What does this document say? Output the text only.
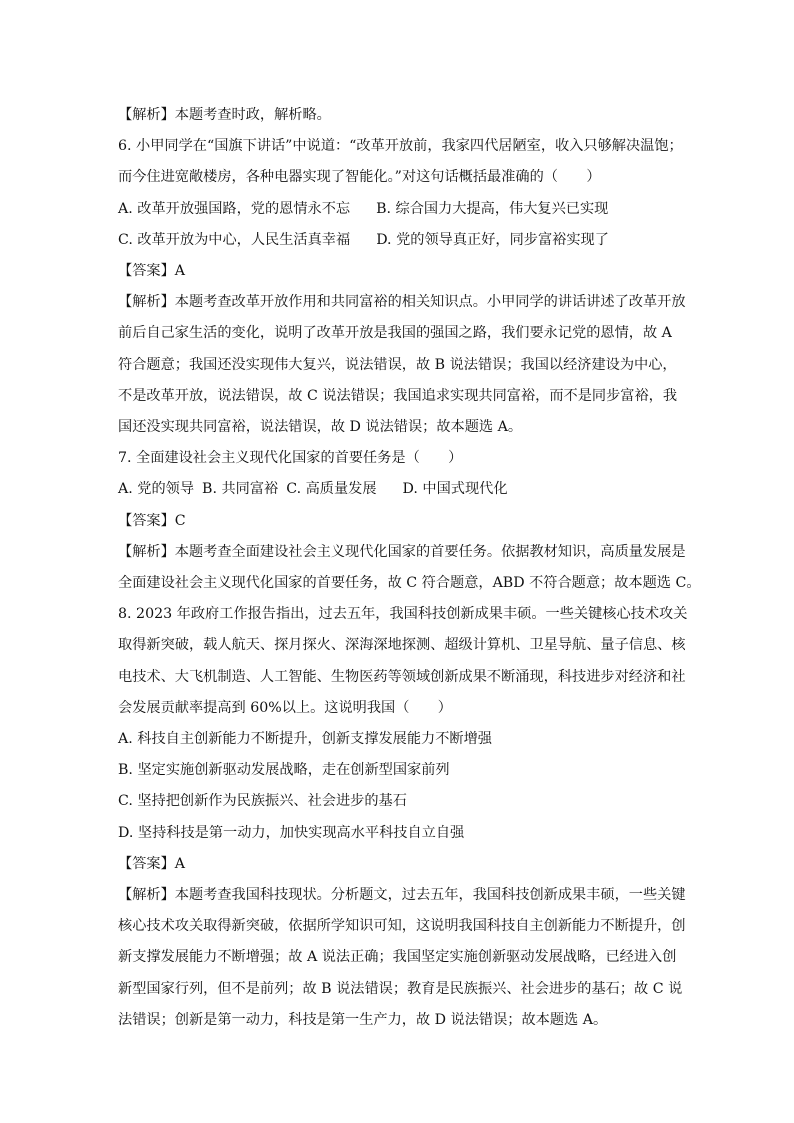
【解析】本题考查时政，解析略。
6. 小甲同学在“国旗下讲话”中说道：“改革开放前，我家四代居陋室，收入只够解决温饱；
而今住进宽敞楼房，各种电器实现了智能化。”对这句话概括最准确的（　　）
A. 改革开放强国路，党的恩情永不忘 B. 综合国力大提高，伟大复兴已实现
C. 改革开放为中心，人民生活真幸福 D. 党的领导真正好，同步富裕实现了
【答案】A
【解析】本题考查改革开放作用和共同富裕的相关知识点。小甲同学的讲话讲述了改革开放
前后自己家生活的变化，说明了改革开放是我国的强国之路，我们要永记党的恩情，故 A
符合题意；我国还没实现伟大复兴，说法错误，故 B 说法错误；我国以经济建设为中心，
不是改革开放，说法错误，故 C 说法错误；我国追求实现共同富裕，而不是同步富裕，我
国还没实现共同富裕，说法错误，故 D 说法错误；故本题选 A。
7. 全面建设社会主义现代化国家的首要任务是（　　）
A. 党的领导 B. 共同富裕 C. 高质量发展 D. 中国式现代化
【答案】C
【解析】本题考查全面建设社会主义现代化国家的首要任务。依据教材知识，高质量发展是
全面建设社会主义现代化国家的首要任务，故 C 符合题意，ABD 不符合题意；故本题选 C。
8. 2023 年政府工作报告指出，过去五年，我国科技创新成果丰硕。一些关键核心技术攻关
取得新突破，载人航天、探月探火、深海深地探测、超级计算机、卫星导航、量子信息、核
电技术、大飞机制造、人工智能、生物医药等领域创新成果不断涌现，科技进步对经济和社
会发展贡献率提高到 60%以上。这说明我国（　　）
A. 科技自主创新能力不断提升，创新支撑发展能力不断增强
B. 坚定实施创新驱动发展战略，走在创新型国家前列
C. 坚持把创新作为民族振兴、社会进步的基石
D. 坚持科技是第一动力，加快实现高水平科技自立自强
【答案】A
【解析】本题考查我国科技现状。分析题文，过去五年，我国科技创新成果丰硕，一些关键
核心技术攻关取得新突破，依据所学知识可知，这说明我国科技自主创新能力不断提升，创
新支撑发展能力不断增强；故 A 说法正确；我国坚定实施创新驱动发展战略，已经进入创
新型国家行列，但不是前列；故 B 说法错误；教育是民族振兴、社会进步的基石；故 C 说
法错误；创新是第一动力，科技是第一生产力，故 D 说法错误；故本题选 A。
